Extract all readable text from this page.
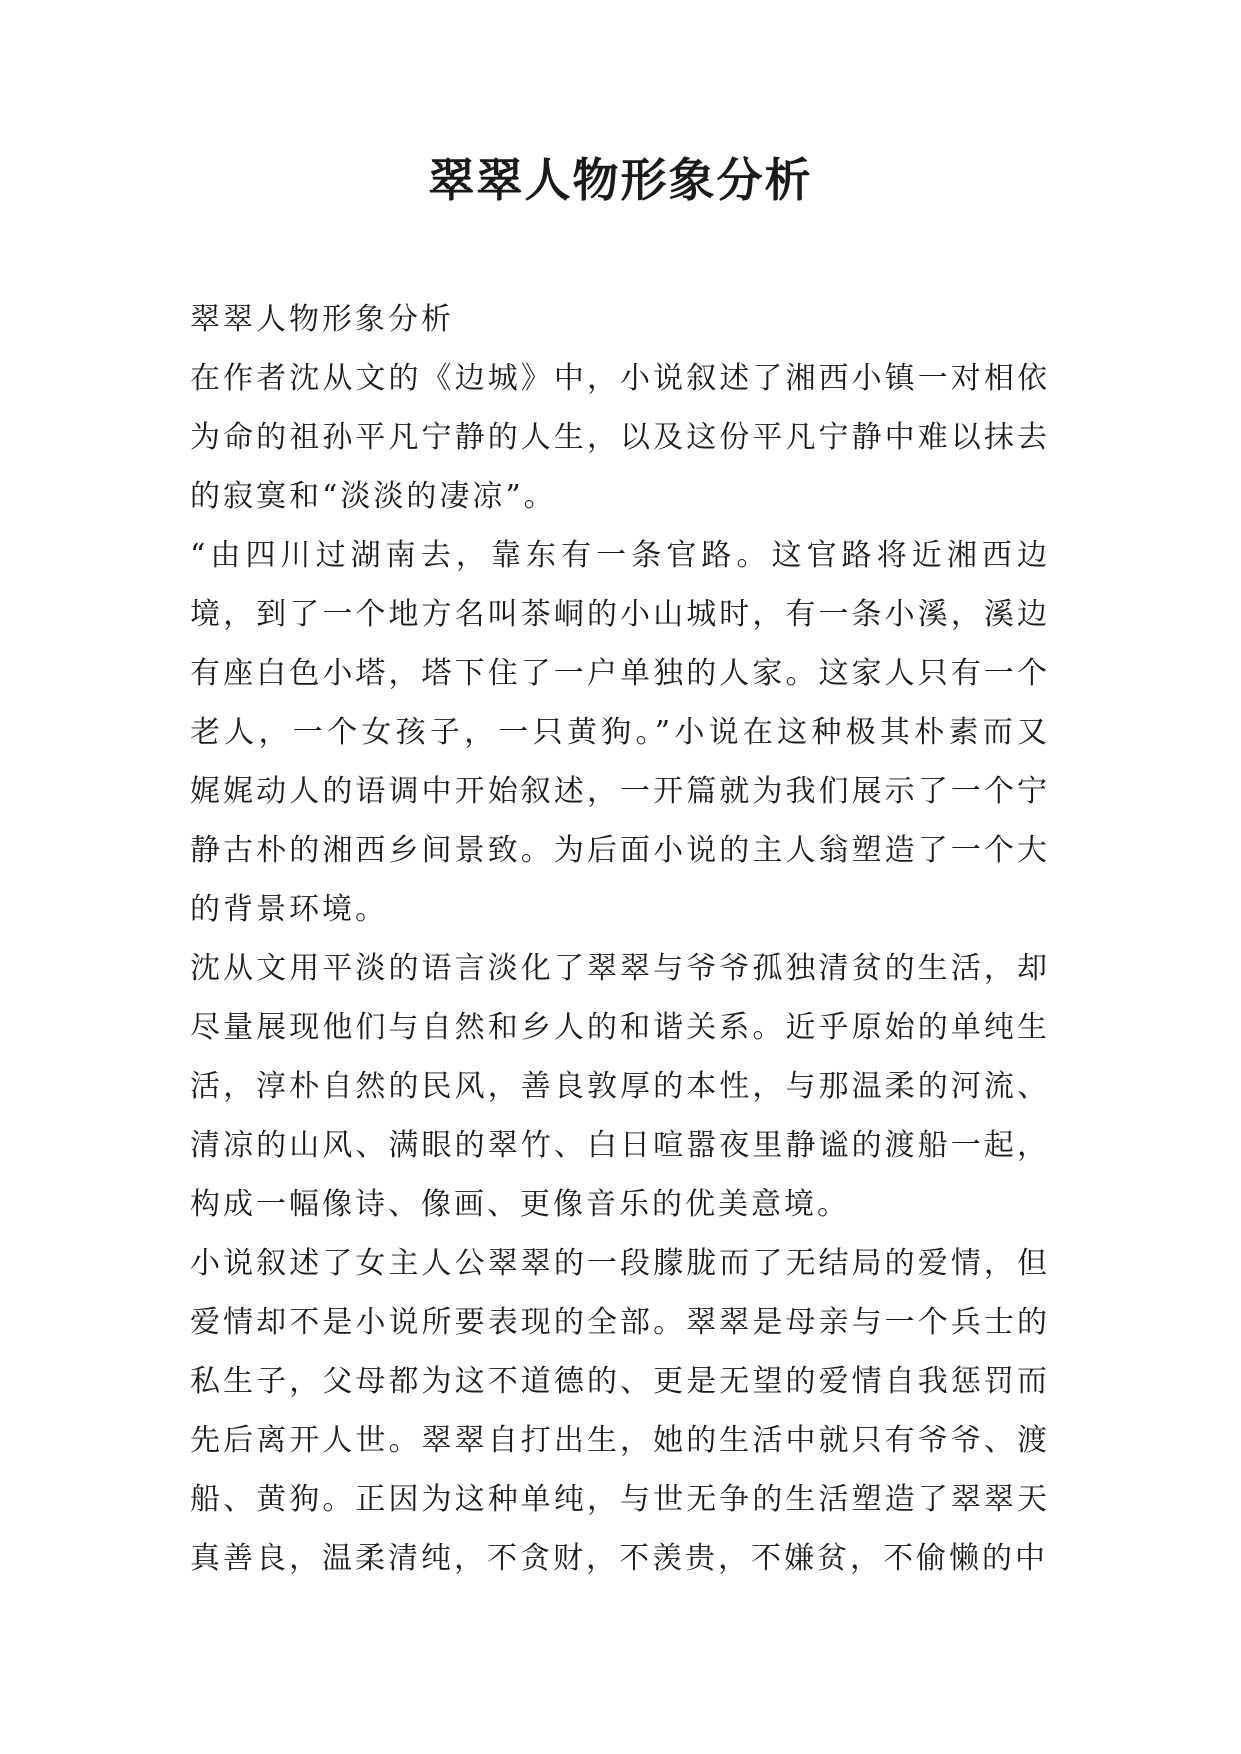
翠翠人物形象分析

翠翠人物形象分析

在作者沈从文的《边城》中，小说叙述了湘西小镇一对相依为命的祖孙平凡宁静的人生，以及这份平凡宁静中难以抹去的寂寞和“淡淡的凄凉”。

“由四川过湖南去，靠东有一条官路。这官路将近湘西边境，到了一个地方名叫茶峒的小山城时，有一条小溪，溪边有座白色小塔，塔下住了一户单独的人家。这家人只有一个老人，一个女孩子，一只黄狗。”小说在这种极其朴素而又娓娓动人的语调中开始叙述，一开篇就为我们展示了一个宁静古朴的湘西乡间景致。为后面小说的主人翁塑造了一个大的背景环境。

沈从文用平淡的语言淡化了翠翠与爷爷孤独清贫的生活，却尽量展现他们与自然和乡人的和谐关系。近乎原始的单纯生活，淳朴自然的民风，善良敦厚的本性，与那温柔的河流、清凉的山风、满眼的翠竹、白日喧嚣夜里静谧的渡船一起，构成一幅像诗、像画、更像音乐的优美意境。

小说叙述了女主人公翠翠的一段朦胧而了无结局的爱情，但爱情却不是小说所要表现的全部。翠翠是母亲与一个兵士的私生子，父母都为这不道德的、更是无望的爱情自我惩罚而先后离开人世。翠翠自打出生，她的生活中就只有爷爷、渡船、黄狗。正因为这种单纯，与世无争的生活塑造了翠翠天真善良，温柔清纯，不贪财，不羡贵，不嫌贫，不偷懒的中
